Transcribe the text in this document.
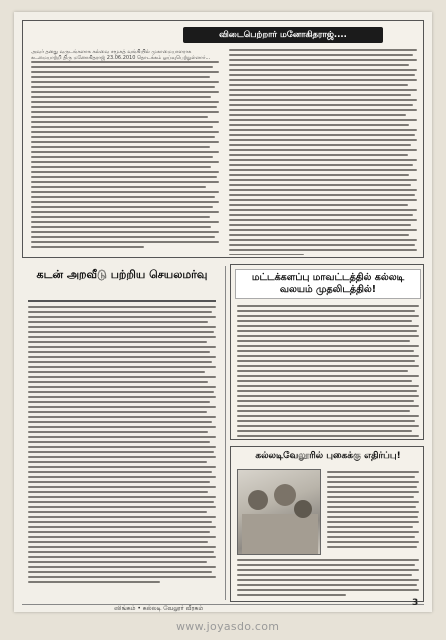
விடைபெற்றார் மனோகிதராஜ்....
அவர் தனது வருடங்களாக கல்வை சமூகத் வங்கியில் முகாமையாளராக கடமையாற்றி திரு மனோகிதராஜ் 23.06.2010 தொடக்கம் ஓய்வுபெற்றுள்ளார்...
கடன் அறவீடு பற்றிய செயலமர்வு	மட்டக்களப்பு மாவட்டத்தில் கல்லடி வலயம் முதலிடத்தில்!
கல்லடிவேலூரில் புகைக்கு எதிர்ப்பு!
ஸிங்கம் • கல்லடி வேலூர் வீரகம்
3
www.joyasdo.com
